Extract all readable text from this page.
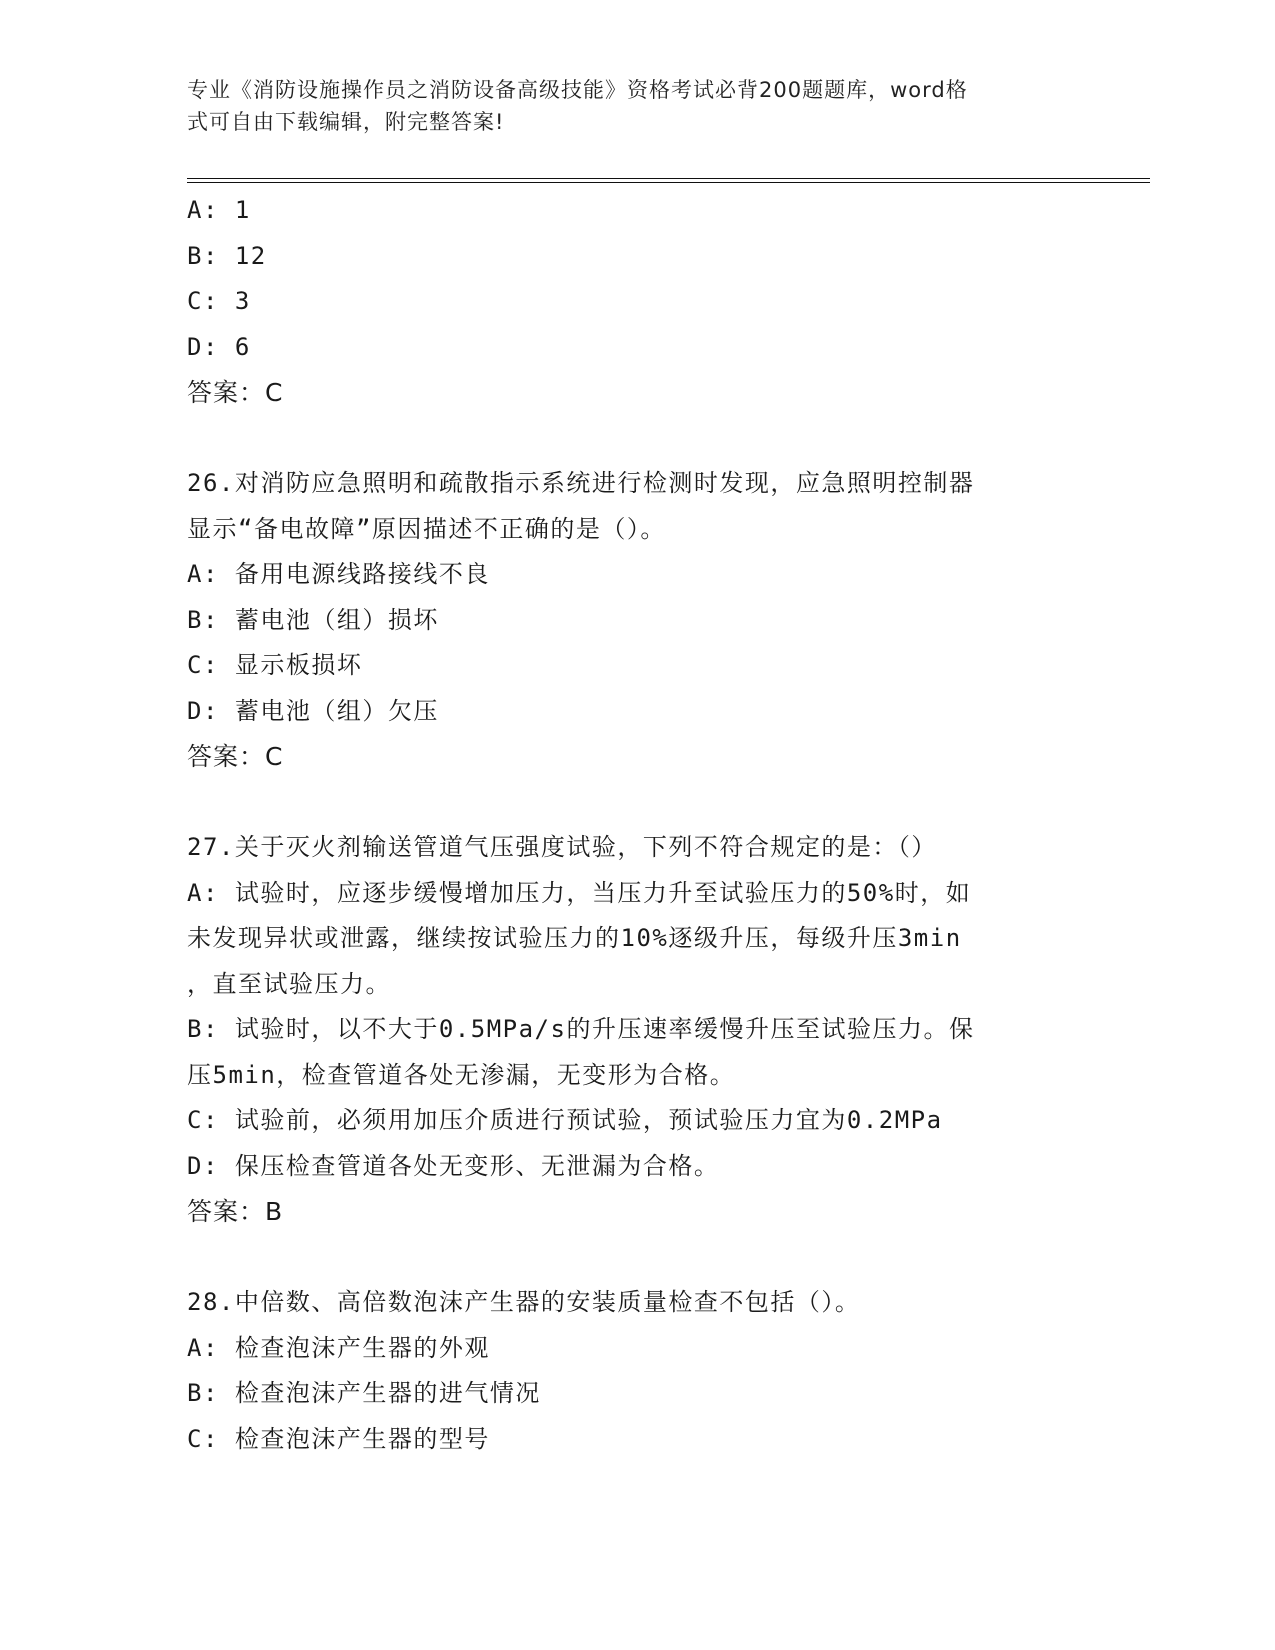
专业《消防设施操作员之消防设备高级技能》资格考试必背200题题库，word格
式可自由下载编辑，附完整答案!
A: 1
B: 12
C: 3
D: 6
答案：C
26.对消防应急照明和疏散指示系统进行检测时发现，应急照明控制器
显示“备电故障”原因描述不正确的是（）。
A: 备用电源线路接线不良
B: 蓄电池（组）损坏
C: 显示板损坏
D: 蓄电池（组）欠压
答案：C
27.关于灭火剂输送管道气压强度试验，下列不符合规定的是：（）
A: 试验时，应逐步缓慢增加压力，当压力升至试验压力的50%时，如
未发现异状或泄露，继续按试验压力的10%逐级升压，每级升压3min
，直至试验压力。
B: 试验时，以不大于0.5MPa/s的升压速率缓慢升压至试验压力。保
压5min，检查管道各处无渗漏，无变形为合格。
C: 试验前，必须用加压介质进行预试验，预试验压力宜为0.2MPa
D: 保压检查管道各处无变形、无泄漏为合格。
答案：B
28.中倍数、高倍数泡沫产生器的安装质量检查不包括（）。
A: 检查泡沫产生器的外观
B: 检查泡沫产生器的进气情况
C: 检查泡沫产生器的型号
